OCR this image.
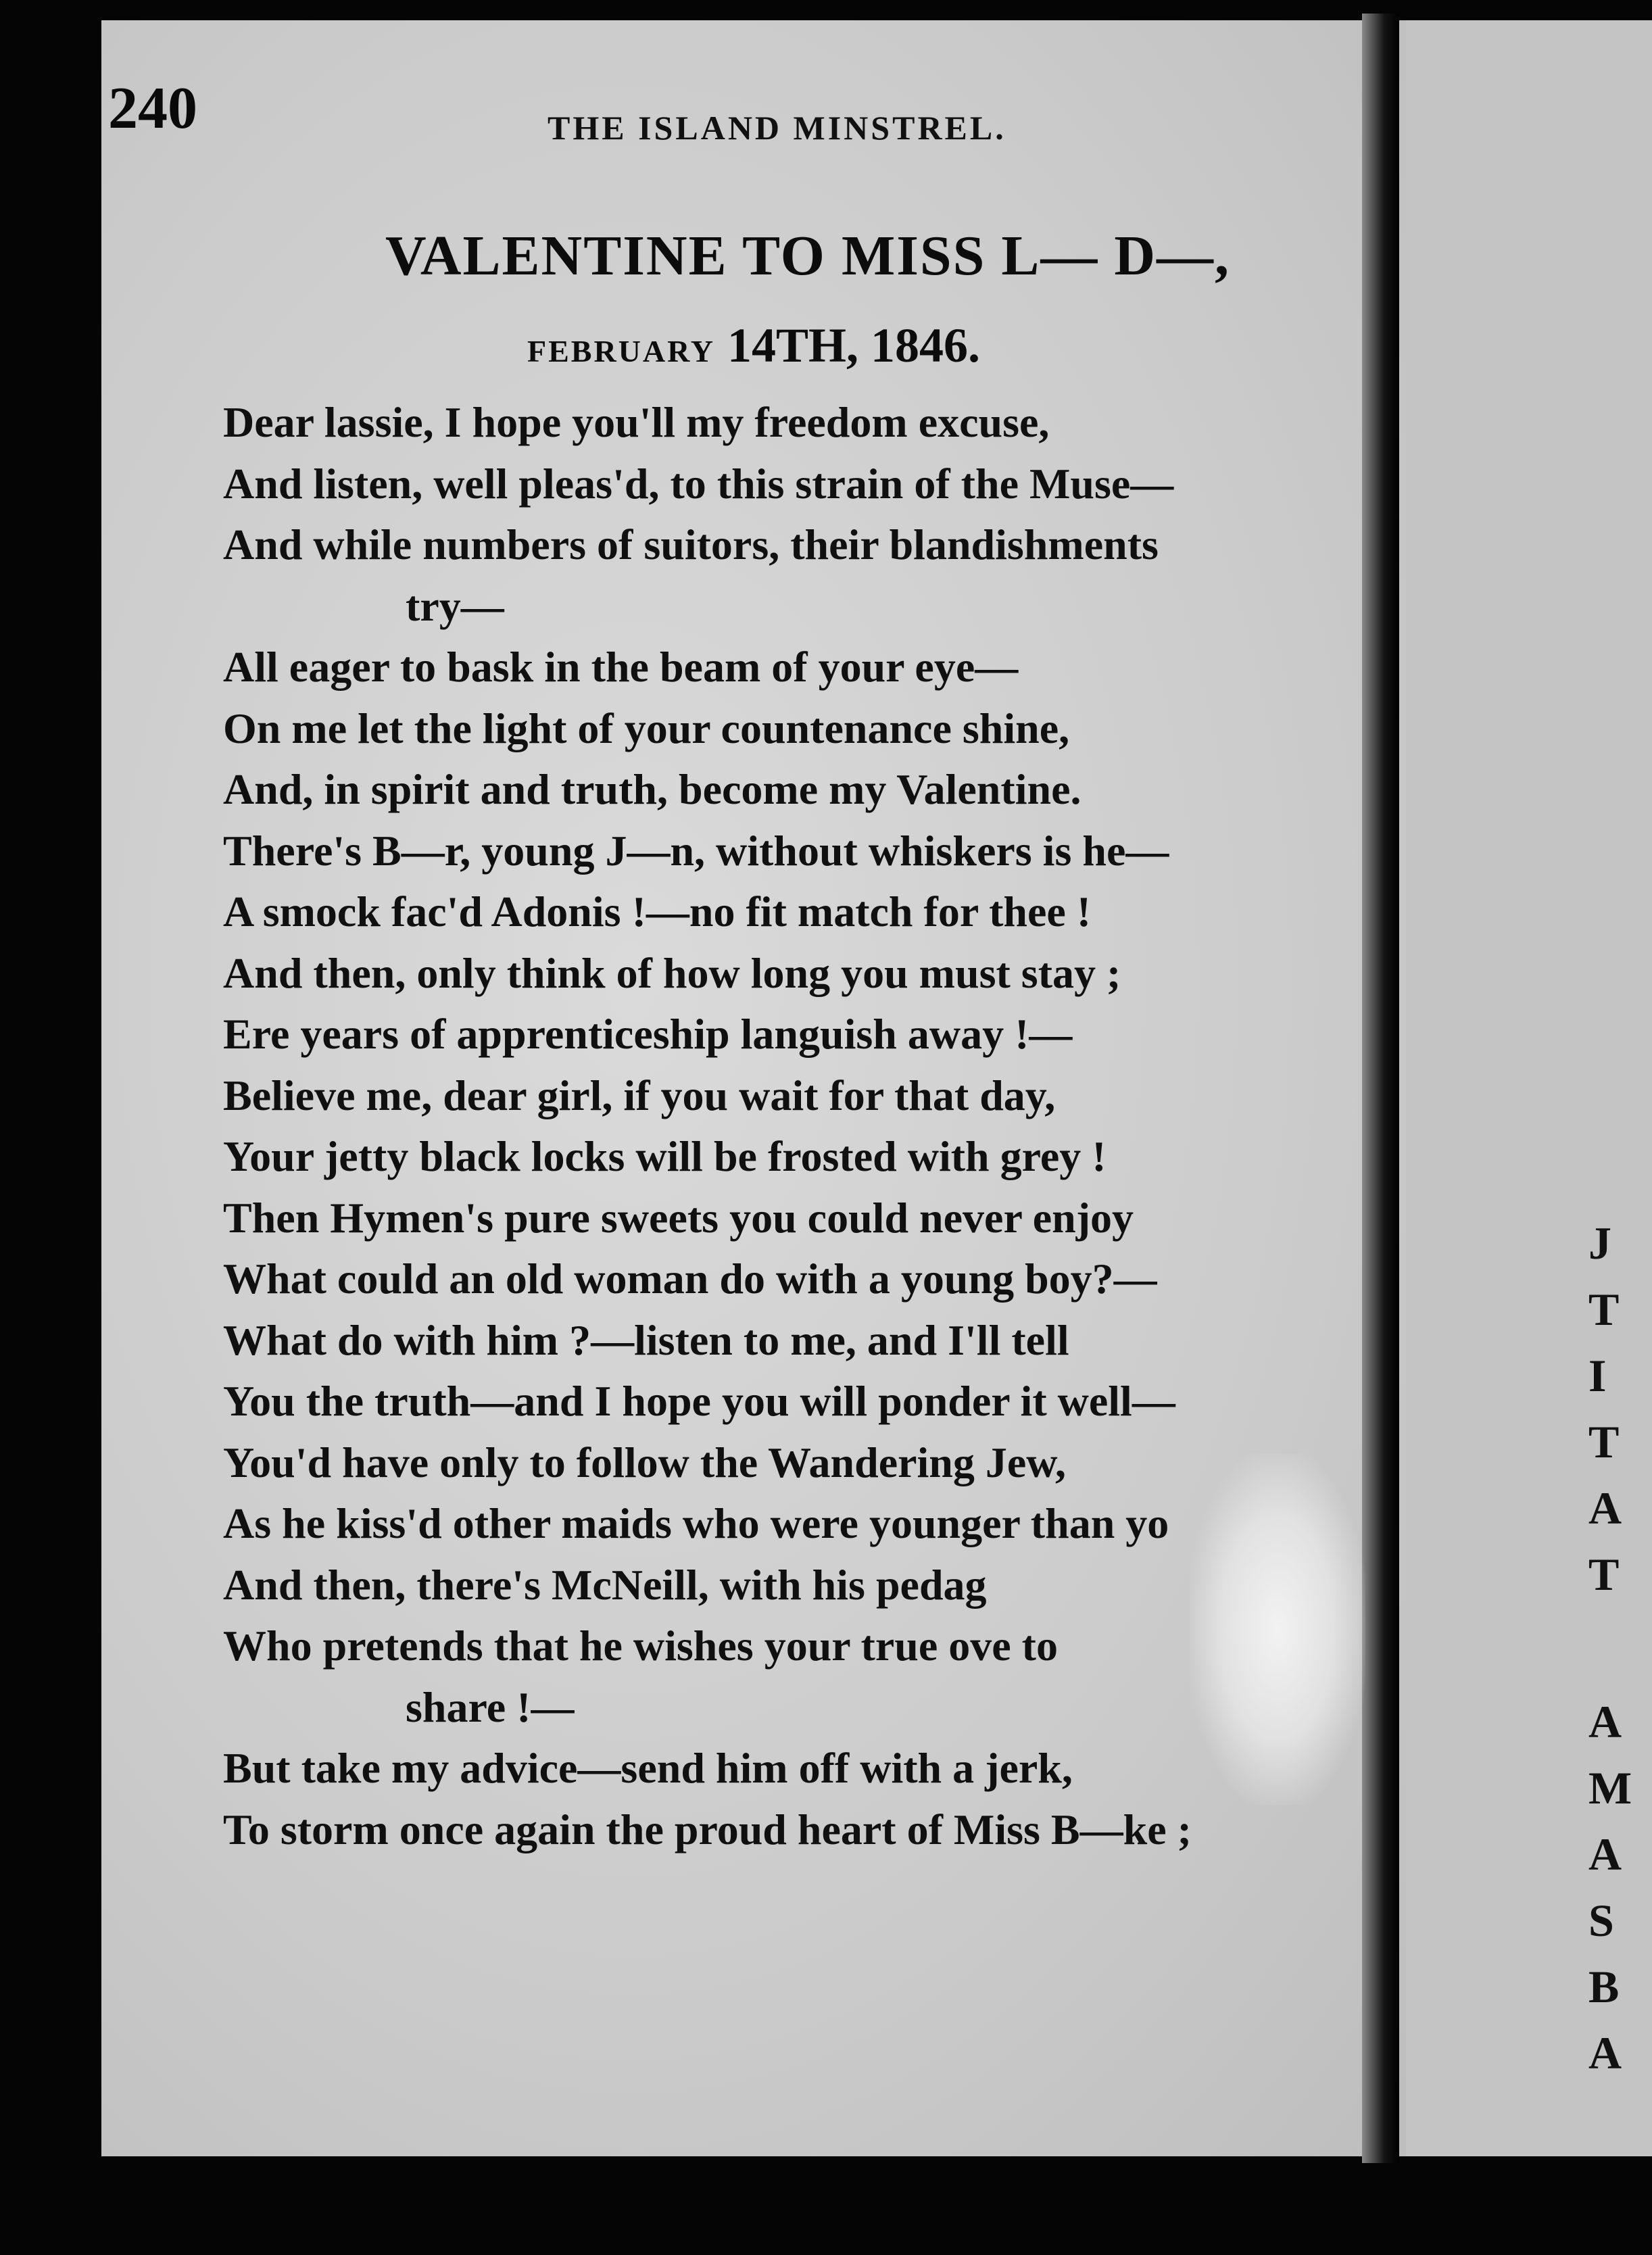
J
T
I
T
A
T
A
M
A
S
B
A
240	THE ISLAND MINSTREL.
VALENTINE TO MISS L— D—,
FEBRUARY 14TH, 1846.
Dear lassie, I hope you'll my freedom excuse,
And listen, well pleas'd, to this strain of the Muse—
And while numbers of suitors, their blandishments
try—
All eager to bask in the beam of your eye—
On me let the light of your countenance shine,
And, in spirit and truth, become my Valentine.
There's B—r, young J—n, without whiskers is he—
A smock fac'd Adonis !—no fit match for thee !
And then, only think of how long you must stay ;
Ere years of apprenticeship languish away !—
Believe me, dear girl, if you wait for that day,
Your jetty black locks will be frosted with grey !
Then Hymen's pure sweets you could never enjoy
What could an old woman do with a young boy?—
What do with him ?—listen to me, and I'll tell
You the truth—and I hope you will ponder it well—
You'd have only to follow the Wandering Jew,
As he kiss'd other maids who were younger than yo
And then, there's McNeill, with his pedag
Who pretends that he wishes your true ove to
share !—
But take my advice—send him off with a jerk,
To storm once again the proud heart of Miss B—ke ;
